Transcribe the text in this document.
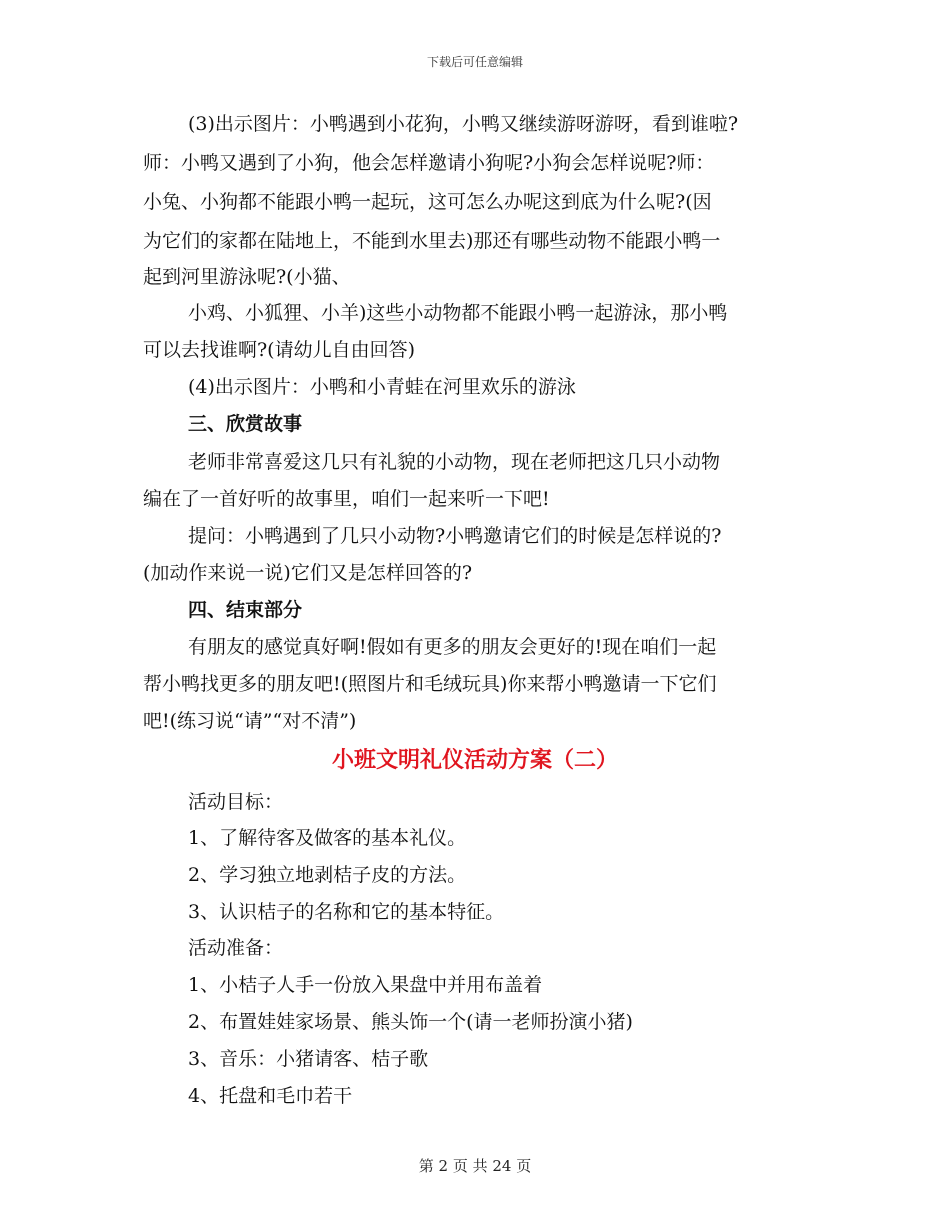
下载后可任意编辑
(3)出示图片：小鸭遇到小花狗，小鸭又继续游呀游呀，看到谁啦?
师：小鸭又遇到了小狗，他会怎样邀请小狗呢?小狗会怎样说呢?师：
小兔、小狗都不能跟小鸭一起玩，这可怎么办呢这到底为什么呢?(因
为它们的家都在陆地上，不能到水里去)那还有哪些动物不能跟小鸭一
起到河里游泳呢?(小猫、
小鸡、小狐狸、小羊)这些小动物都不能跟小鸭一起游泳，那小鸭
可以去找谁啊?(请幼儿自由回答)
(4)出示图片：小鸭和小青蛙在河里欢乐的游泳
三、欣赏故事
老师非常喜爱这几只有礼貌的小动物，现在老师把这几只小动物
编在了一首好听的故事里，咱们一起来听一下吧!
提问：小鸭遇到了几只小动物?小鸭邀请它们的时候是怎样说的?
(加动作来说一说)它们又是怎样回答的?
四、结束部分
有朋友的感觉真好啊!假如有更多的朋友会更好的!现在咱们一起
帮小鸭找更多的朋友吧!(照图片和毛绒玩具)你来帮小鸭邀请一下它们
吧!(练习说“请”“对不清”)
小班文明礼仪活动方案（二）
活动目标：
1、了解待客及做客的基本礼仪。
2、学习独立地剥桔子皮的方法。
3、认识桔子的名称和它的基本特征。
活动准备：
1、小桔子人手一份放入果盘中并用布盖着
2、布置娃娃家场景、熊头饰一个(请一老师扮演小猪)
3、音乐：小猪请客、桔子歌
4、托盘和毛巾若干
第 2 页 共 24 页
